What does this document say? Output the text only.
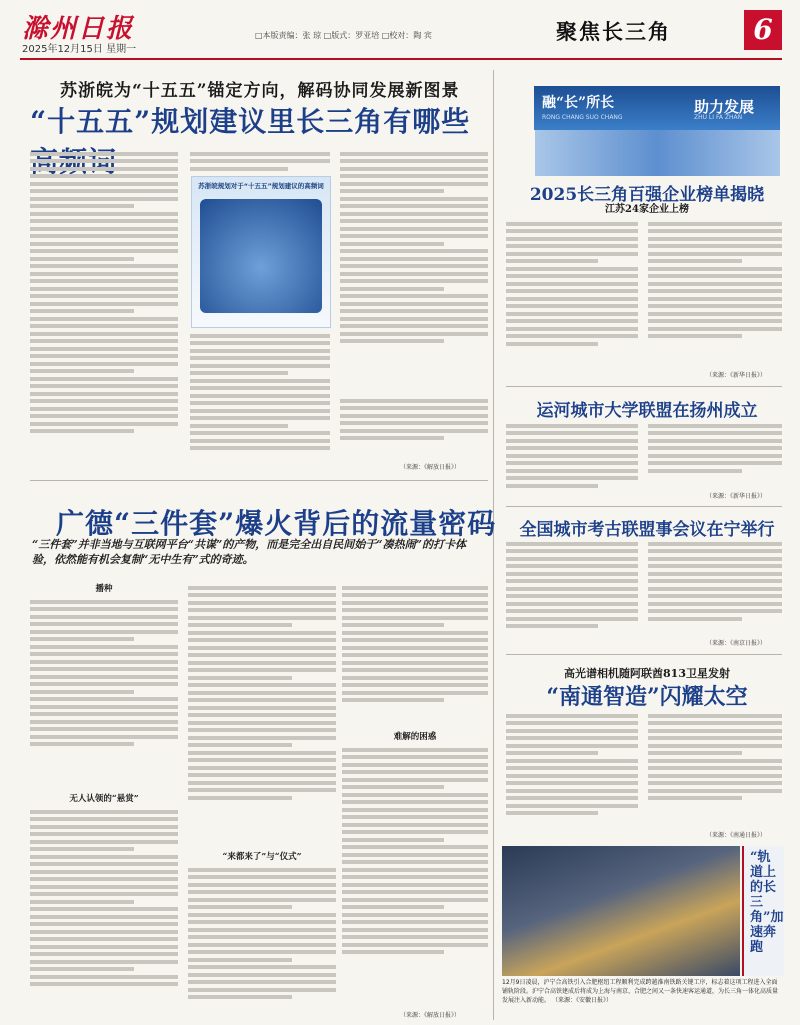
滁州日报
2025年12月15日 星期一
□本版责编：张 琼 □版式：罗亚培 □校对：陶 宾	聚焦长三角	6
苏浙皖为“十五五”锚定方向，解码协同发展新图景
“十五五”规划建议里长三角有哪些
苏浙皖规划对于“十五五”规划建议的高频词
（来源：《解放日报》）
广德“三件套”爆火背后的流量密码
“三件套”并非当地与互联网平台“共谋”的产物，而是完全出自民间始于“凑热闹”的打卡体验，依然能有机会复制“无中生有”式的奇迹。
播种
无人认领的“悬赏”
“来都来了”与“仪式”
难解的困惑
（来源：《解放日报》）
融“长”所长
RONG CHANG SUO CHANG
助力发展
ZHU LI FA ZHAN
2025长三角百强企业榜单揭晓
江苏24家企业上榜
（来源：《新华日报》）
运河城市大学联盟在扬州成立
（来源：《新华日报》）
全国城市考古联盟事会议在宁举行
（来源：《南京日报》）
高光谱相机随阿联酋813卫星发射
“南通智造”闪耀太空
（来源：《南通日报》）
“轨道上的长三角”加速奔跑
12月9日凌晨，沪宁合高铁引入合肥枢纽工程顺利完成跨越淮南铁路关键工序，标志着这项工程进入全面铺轨阶段。沪宁合高铁建成后将成为上海与南京、合肥之间又一条快速客运通道，为长三角一体化高质量发展注入新动能。 （来源：《安徽日报》）
